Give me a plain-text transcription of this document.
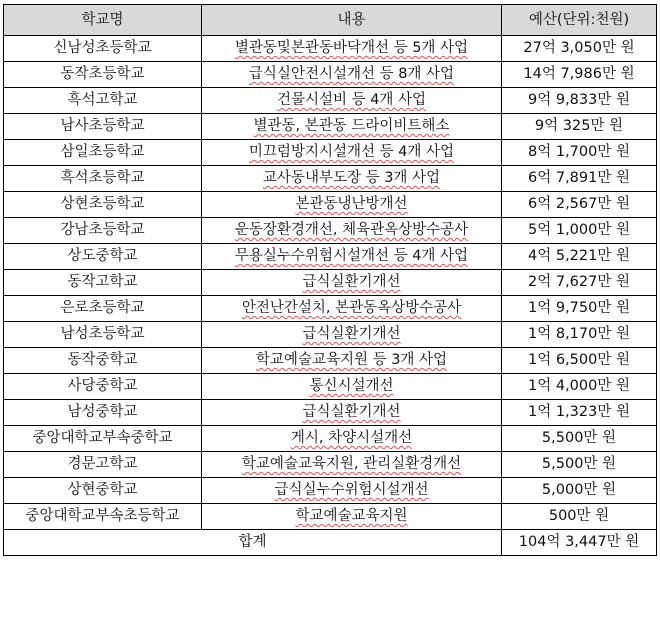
학교명	내용	예산(단위:천원)
신남성초등학교	별관동및본관동바닥개선 등 5개 사업	27억 3,050만 원
동작초등학교	급식실안전시설개선 등 8개 사업	14억 7,986만 원
흑석고학교	건물시설비 등 4개 사업	9억 9,833만 원
남사초등학교	별관동, 본관동 드라이비트해소	9억 325만 원
삼일초등학교	미끄럼방지시설개선 등 4개 사업	8억 1,700만 원
흑석초등학교	교사동내부도장 등 3개 사업	6억 7,891만 원
상현초등학교	본관동냉난방개선	6억 2,567만 원
강남초등학교	운동장환경개선, 체육관옥상방수공사	5억 1,000만 원
상도중학교	무용실누수위험시설개선 등 4개 사업	4억 5,221만 원
동작고학교	급식실환기개선	2억 7,627만 원
은로초등학교	안전난간설치, 본관동옥상방수공사	1억 9,750만 원
남성초등학교	급식실환기개선	1억 8,170만 원
동작중학교	학교예술교육지원 등 3개 사업	1억 6,500만 원
사당중학교	통신시설개선	1억 4,000만 원
남성중학교	급식실환기개선	1억 1,323만 원
중앙대학교부속중학교	게시, 차양시설개선	5,500만 원
경문고학교	학교예술교육지원, 관리실환경개선	5,500만 원
상현중학교	급식실누수위험시설개선	5,000만 원
중앙대학교부속초등학교	학교예술교육지원	500만 원
합계		104억 3,447만 원
